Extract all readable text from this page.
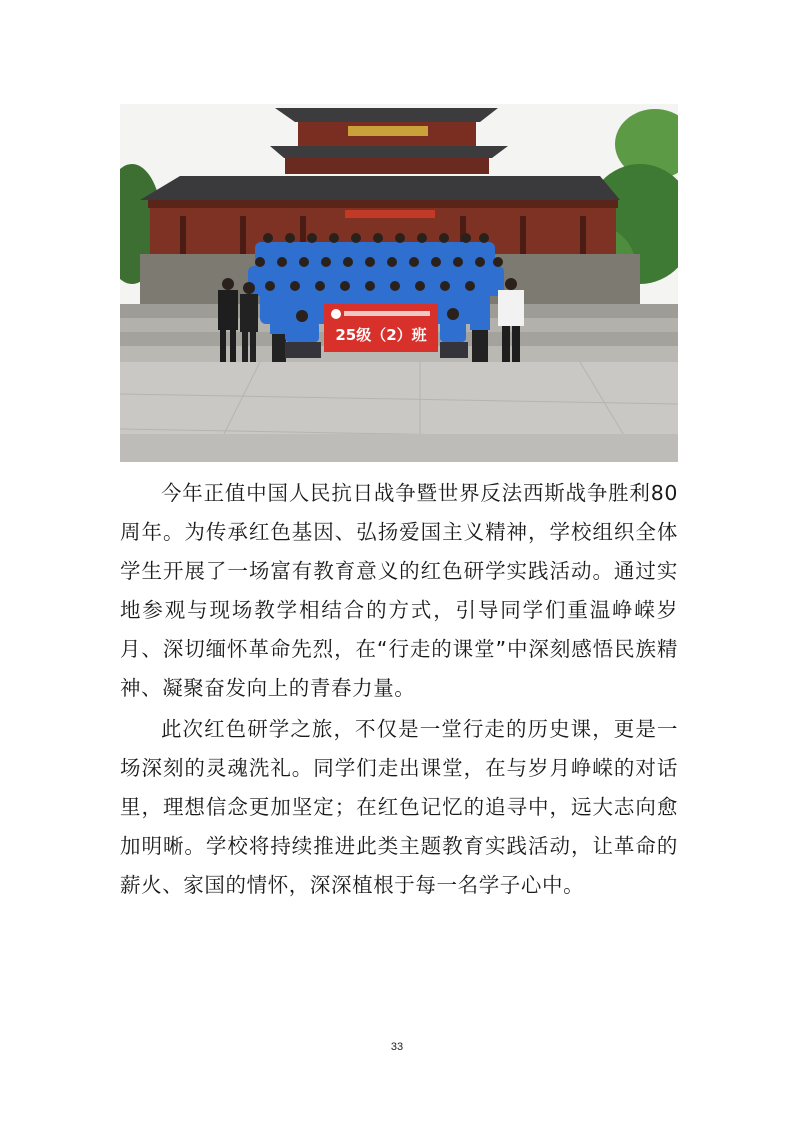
25级（2）班

今年正值中国人民抗日战争暨世界反法西斯战争胜利80周年。为传承红色基因、弘扬爱国主义精神，学校组织全体学生开展了一场富有教育意义的红色研学实践活动。通过实地参观与现场教学相结合的方式，引导同学们重温峥嵘岁月、深切缅怀革命先烈，在“行走的课堂”中深刻感悟民族精神、凝聚奋发向上的青春力量。

此次红色研学之旅，不仅是一堂行走的历史课，更是一场深刻的灵魂洗礼。同学们走出课堂，在与岁月峥嵘的对话里，理想信念更加坚定；在红色记忆的追寻中，远大志向愈加明晰。学校将持续推进此类主题教育实践活动，让革命的薪火、家国的情怀，深深植根于每一名学子心中。

33
